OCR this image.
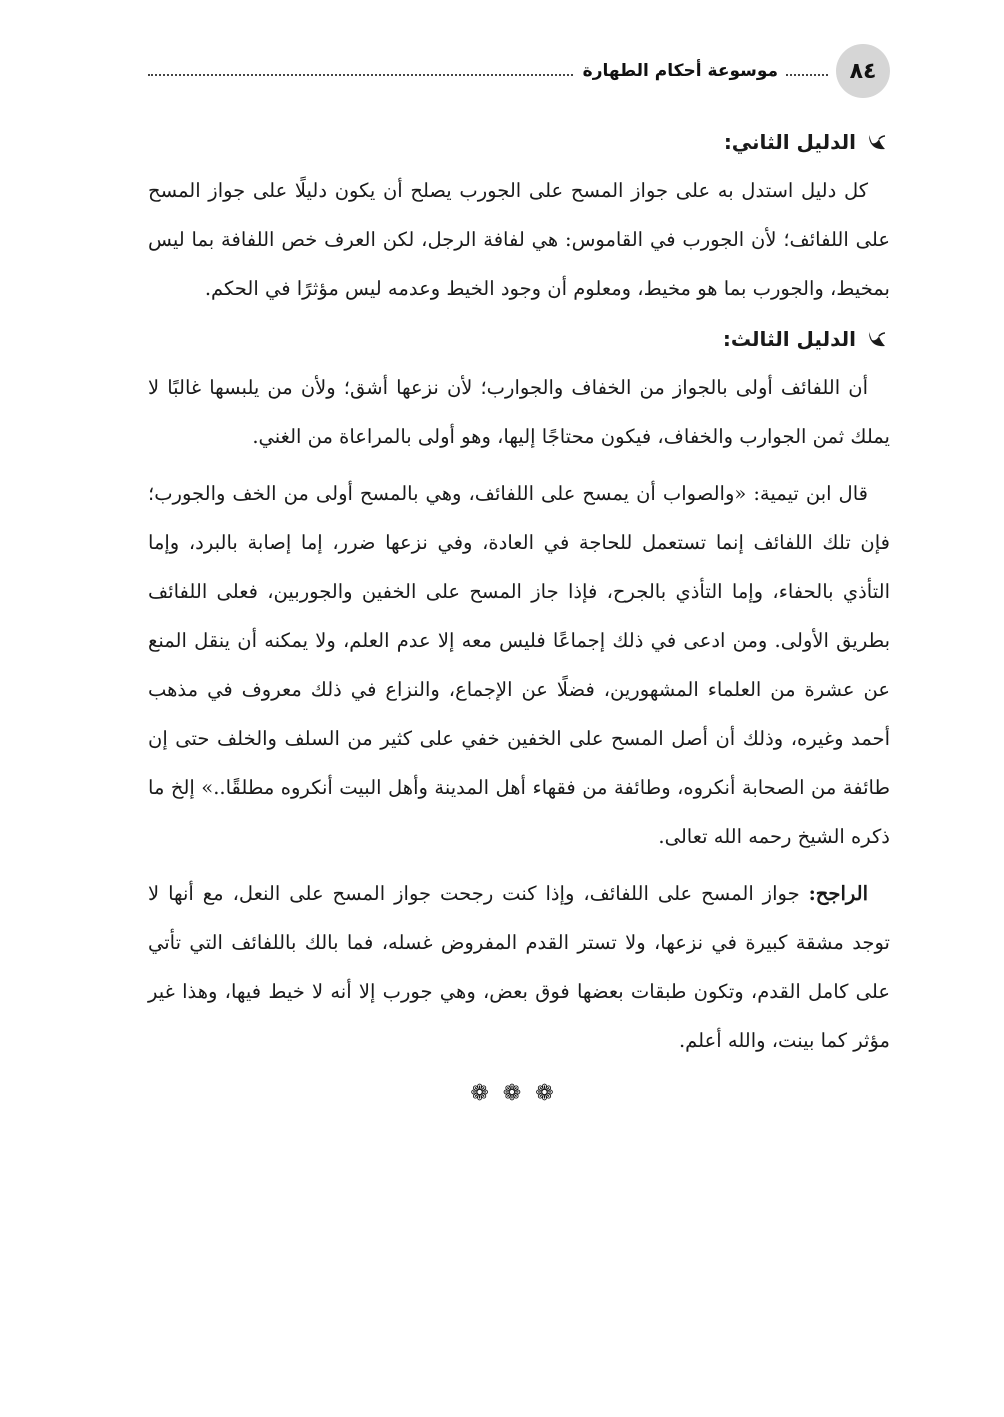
٨٤
موسوعة أحكام الطهارة
الدليل الثاني:

كل دليل استدل به على جواز المسح على الجورب يصلح أن يكون دليلًا على جواز المسح على اللفائف؛ لأن الجورب في القاموس: هي لفافة الرجل، لكن العرف خص اللفافة بما ليس بمخيط، والجورب بما هو مخيط، ومعلوم أن وجود الخيط وعدمه ليس مؤثرًا في الحكم.

الدليل الثالث:

أن اللفائف أولى بالجواز من الخفاف والجوارب؛ لأن نزعها أشق؛ ولأن من يلبسها غالبًا لا يملك ثمن الجوارب والخفاف، فيكون محتاجًا إليها، وهو أولى بالمراعاة من الغني.

قال ابن تيمية: «والصواب أن يمسح على اللفائف، وهي بالمسح أولى من الخف والجورب؛ فإن تلك اللفائف إنما تستعمل للحاجة في العادة، وفي نزعها ضرر، إما إصابة بالبرد، وإما التأذي بالحفاء، وإما التأذي بالجرح، فإذا جاز المسح على الخفين والجوربين، فعلى اللفائف بطريق الأولى. ومن ادعى في ذلك إجماعًا فليس معه إلا عدم العلم، ولا يمكنه أن ينقل المنع عن عشرة من العلماء المشهورين، فضلًا عن الإجماع، والنزاع في ذلك معروف في مذهب أحمد وغيره، وذلك أن أصل المسح على الخفين خفي على كثير من السلف والخلف حتى إن طائفة من الصحابة أنكروه، وطائفة من فقهاء أهل المدينة وأهل البيت أنكروه مطلقًا..» إلخ ما ذكره الشيخ رحمه الله تعالى.

الراجح: جواز المسح على اللفائف، وإذا كنت رجحت جواز المسح على النعل، مع أنها لا توجد مشقة كبيرة في نزعها، ولا تستر القدم المفروض غسله، فما بالك باللفائف التي تأتي على كامل القدم، وتكون طبقات بعضها فوق بعض، وهي جورب إلا أنه لا خيط فيها، وهذا غير مؤثر كما بينت، والله أعلم.

❁❁❁
